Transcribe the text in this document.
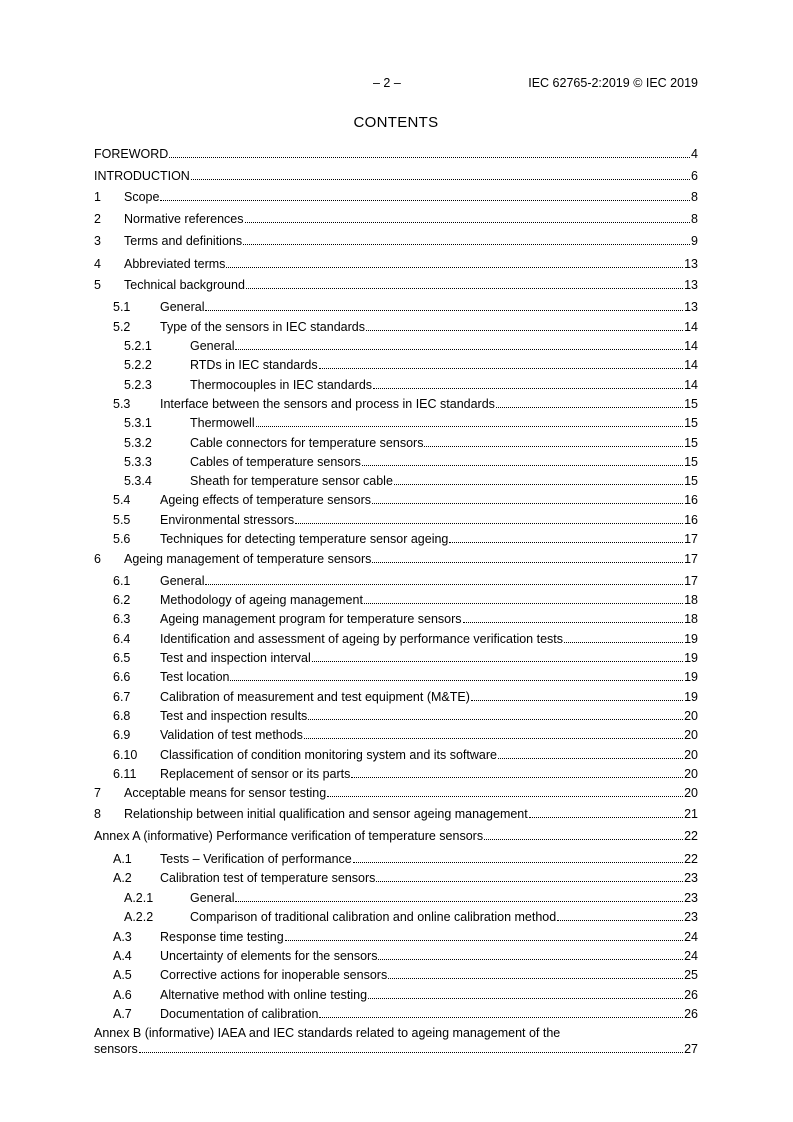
– 2 –	IEC 62765-2:2019 © IEC 2019
CONTENTS
FOREWORD	4
INTRODUCTION	6
1	Scope	8
2	Normative references	8
3	Terms and definitions	9
4	Abbreviated terms	13
5	Technical background	13
5.1	General	13
5.2	Type of the sensors in IEC standards	14
5.2.1	General	14
5.2.2	RTDs in IEC standards	14
5.2.3	Thermocouples in IEC standards	14
5.3	Interface between the sensors and process in IEC standards	15
5.3.1	Thermowell	15
5.3.2	Cable connectors for temperature sensors	15
5.3.3	Cables of temperature sensors	15
5.3.4	Sheath for temperature sensor cable	15
5.4	Ageing effects of temperature sensors	16
5.5	Environmental stressors	16
5.6	Techniques for detecting temperature sensor ageing	17
6	Ageing management of temperature sensors	17
6.1	General	17
6.2	Methodology of ageing management	18
6.3	Ageing management program for temperature sensors	18
6.4	Identification and assessment of ageing by performance verification tests	19
6.5	Test and inspection interval	19
6.6	Test location	19
6.7	Calibration of measurement and test equipment (M&TE)	19
6.8	Test and inspection results	20
6.9	Validation of test methods	20
6.10	Classification of condition monitoring system and its software	20
6.11	Replacement of sensor or its parts	20
7	Acceptable means for sensor testing	20
8	Relationship between initial qualification and sensor ageing management	21
Annex A (informative) Performance verification of temperature sensors	22
A.1	Tests – Verification of performance	22
A.2	Calibration test of temperature sensors	23
A.2.1	General	23
A.2.2	Comparison of traditional calibration and online calibration method	23
A.3	Response time testing	24
A.4	Uncertainty of elements for the sensors	24
A.5	Corrective actions for inoperable sensors	25
A.6	Alternative method with online testing	26
A.7	Documentation of calibration	26
Annex B (informative) IAEA and IEC standards related to ageing management of the
sensors	27
